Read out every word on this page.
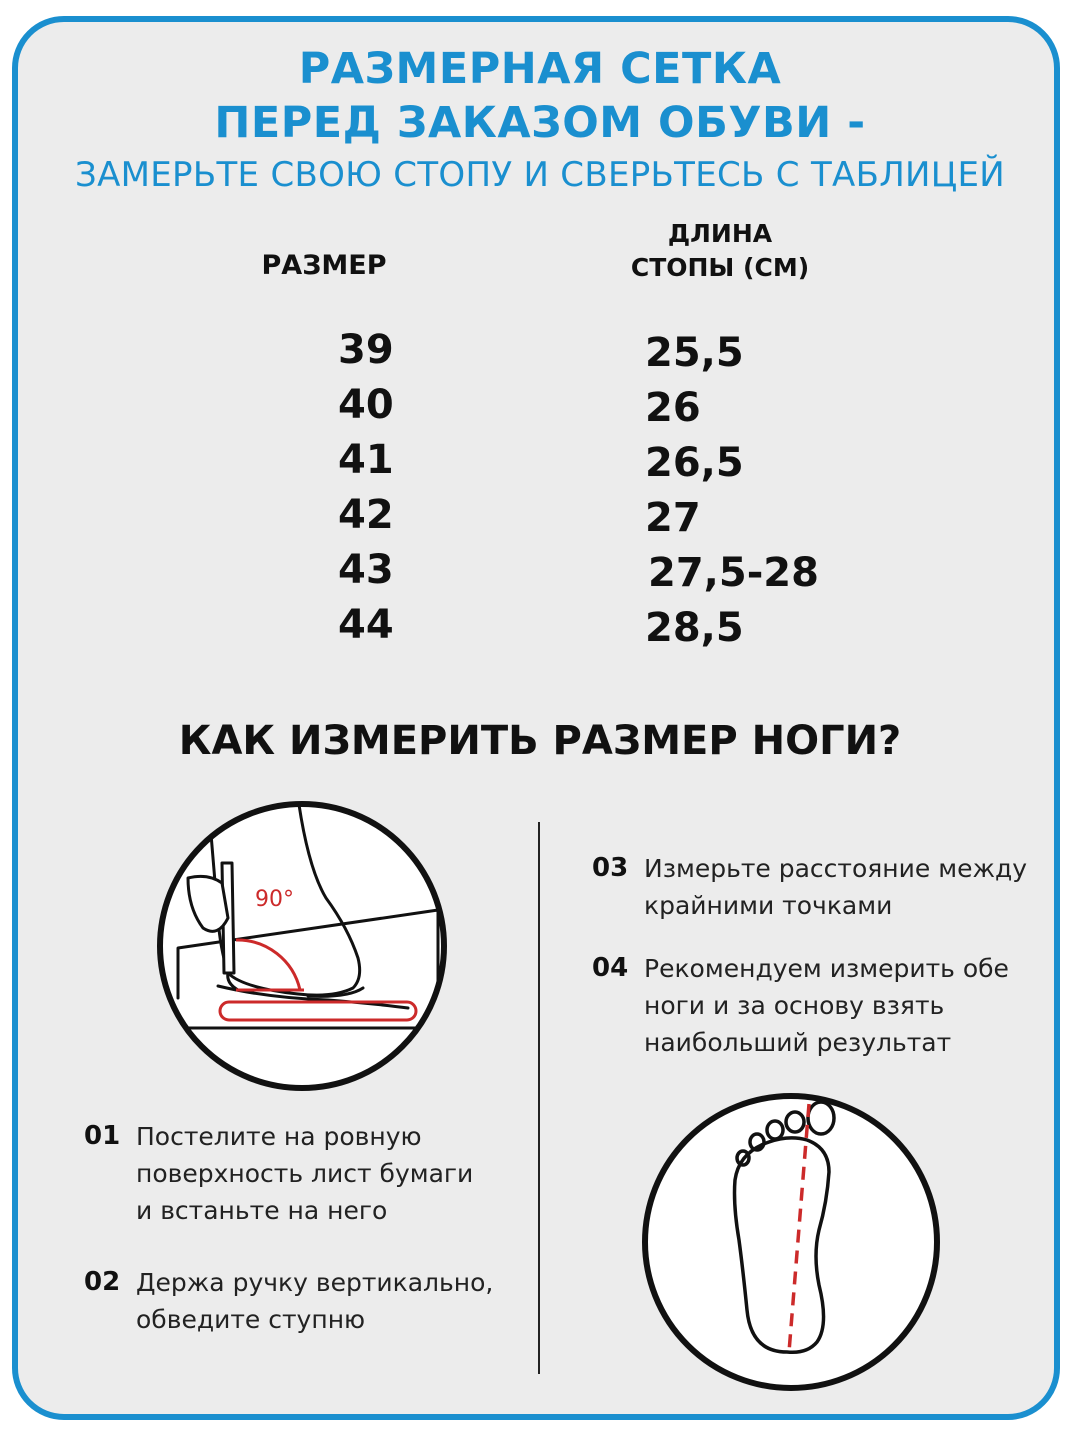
РАЗМЕРНАЯ СЕТКА
ПЕРЕД ЗАКАЗОМ ОБУВИ -
ЗАМЕРЬТЕ СВОЮ СТОПУ И СВЕРЬТЕСЬ С ТАБЛИЦЕЙ
РАЗМЕР
ДЛИНА
СТОПЫ (СМ)
39
40
41
42
43
44
25,5
26
26,5
27
27,5-28
28,5
КАК ИЗМЕРИТЬ РАЗМЕР НОГИ?
90°
01 Постелите на ровную
поверхность лист бумаги
и встаньте на него
02 Держа ручку вертикально,
обведите ступню
03 Измерьте расстояние между
крайними точками
04 Рекомендуем измерить обе
ноги и за основу взять
наибольший результат
